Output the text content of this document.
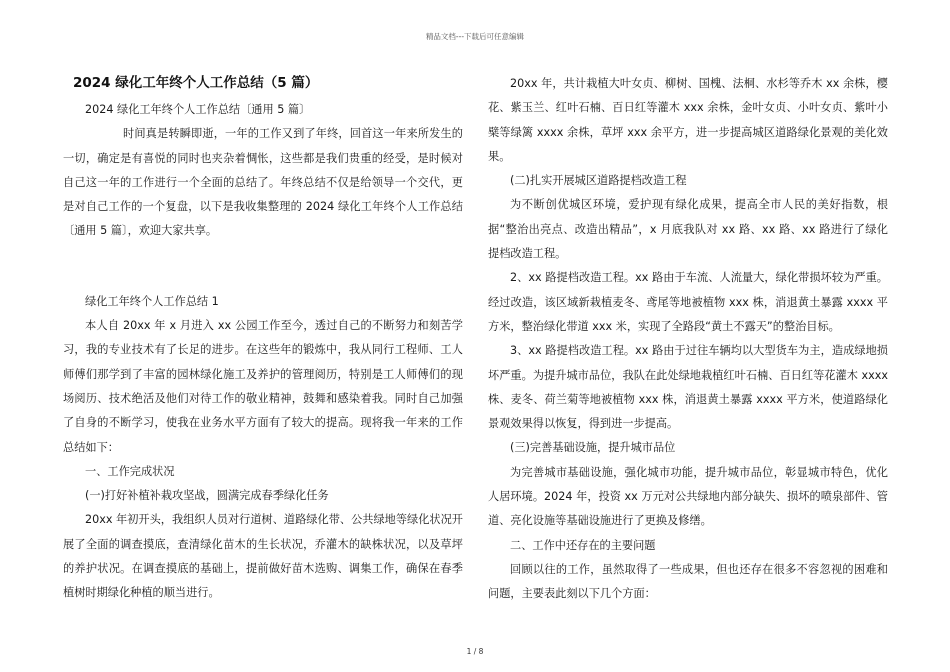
精品文档---下载后可任意编辑
2024 绿化工年终个人工作总结（5 篇）

2024 绿化工年终个人工作总结〔通用 5 篇〕

时间真是转瞬即逝，一年的工作又到了年终，回首这一年来所发生的一切，确定是有喜悦的同时也夹杂着惆怅，这些都是我们贵重的经受，是时候对自己这一年的工作进行一个全面的总结了。年终总结不仅是给领导一个交代，更是对自己工作的一个复盘，以下是我收集整理的 2024 绿化工年终个人工作总结〔通用 5 篇〕，欢迎大家共享。

绿化工年终个人工作总结 1

本人自 20xx 年 x 月进入 xx 公园工作至今，透过自己的不断努力和刻苦学习，我的专业技术有了长足的进步。在这些年的锻炼中，我从同行工程师、工人师傅们那学到了丰富的园林绿化施工及养护的管理阅历，特别是工人师傅们的现场阅历、技术绝活及他们对待工作的敬业精神，鼓舞和感染着我。同时自己加强了自身的不断学习，使我在业务水平方面有了较大的提高。现将我一年来的工作总结如下：

一、工作完成状况

(一)打好补植补栽攻坚战，圆满完成春季绿化任务

20xx 年初开头，我组织人员对行道树、道路绿化带、公共绿地等绿化状况开展了全面的调查摸底，查清绿化苗木的生长状况，乔灌木的缺株状况，以及草坪的养护状况。在调查摸底的基础上，提前做好苗木选购、调集工作，确保在春季植树时期绿化种植的顺当进行。

20xx 年，共计栽植大叶女贞、柳树、国槐、法桐、水杉等乔木 xx 余株，樱花、紫玉兰、红叶石楠、百日红等灌木 xxx 余株，金叶女贞、小叶女贞、紫叶小檗等绿篱 xxxx 余株，草坪 xxx 余平方，进一步提高城区道路绿化景观的美化效果。

(二)扎实开展城区道路提档改造工程

为不断创优城区环境，爱护现有绿化成果，提高全市人民的美好指数，根据“整治出亮点、改造出精品”，x 月底我队对 xx 路、xx 路、xx 路进行了绿化提档改造工程。

2、xx 路提档改造工程。xx 路由于车流、人流量大，绿化带损坏较为严重。经过改造，该区域新栽植麦冬、鸢尾等地被植物 xxx 株，消退黄土暴露 xxxx 平方米，整治绿化带道 xxx 米，实现了全路段“黄土不露天”的整治目标。

3、xx 路提档改造工程。xx 路由于过往车辆均以大型货车为主，造成绿地损坏严重。为提升城市品位，我队在此处绿地栽植红叶石楠、百日红等花灌木 xxxx 株、麦冬、荷兰菊等地被植物 xxx 株，消退黄土暴露 xxxx 平方米，使道路绿化景观效果得以恢复，得到进一步提高。

(三)完善基础设施，提升城市品位

为完善城市基础设施，强化城市功能，提升城市品位，彰显城市特色，优化人居环境。2024 年，投资 xx 万元对公共绿地内部分缺失、损坏的喷泉部件、管道、亮化设施等基础设施进行了更换及修缮。

二、工作中还存在的主要问题

回顾以往的工作，虽然取得了一些成果，但也还存在很多不容忽视的困难和问题，主要表此刻以下几个方面：

1 / 8
